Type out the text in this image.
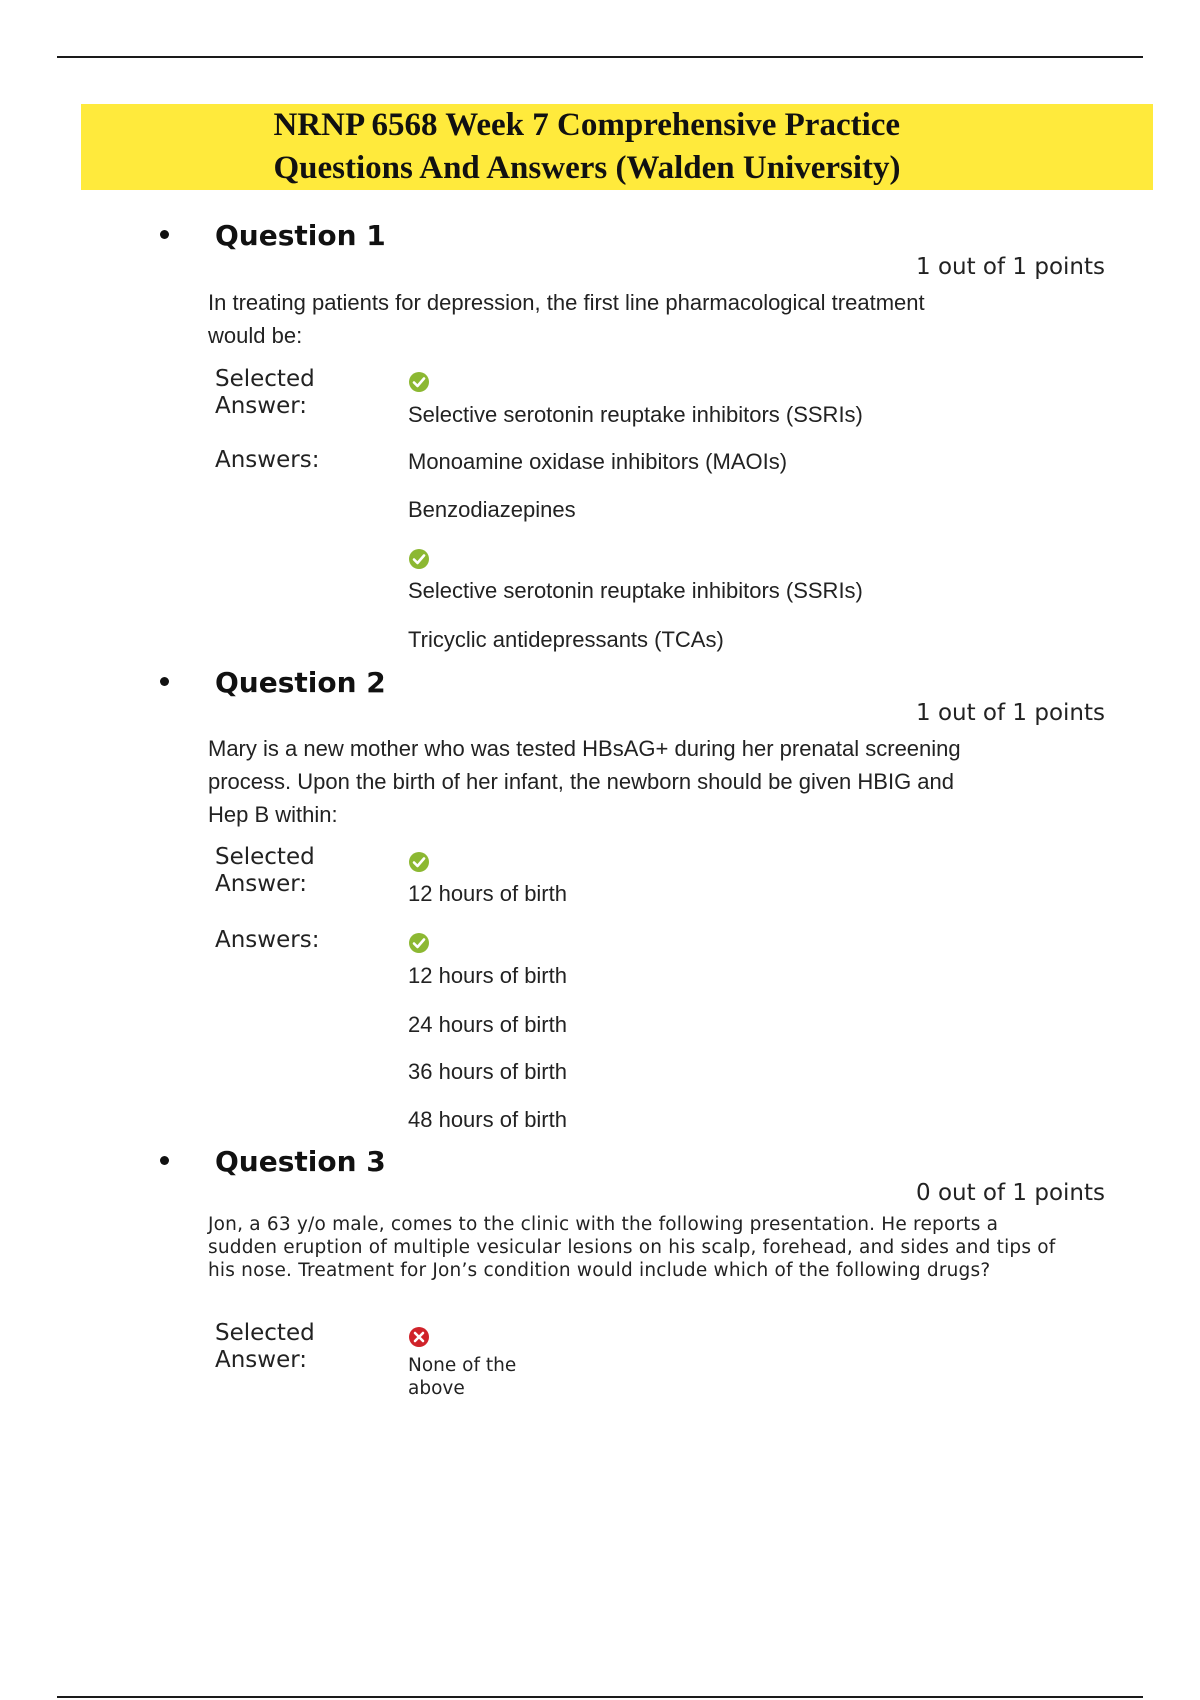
NRNP 6568 Week 7 Comprehensive Practice
Questions And Answers (Walden University)
Question 1
1 out of 1 points
In treating patients for depression, the first line pharmacological treatment
would be:
Selected
Answer:	Selective serotonin reuptake inhibitors (SSRIs)
Answers:	Monoamine oxidase inhibitors (MAOIs)
Benzodiazepines
Selective serotonin reuptake inhibitors (SSRIs)
Tricyclic antidepressants (TCAs)
Question 2
1 out of 1 points
Mary is a new mother who was tested HBsAG+ during her prenatal screening
process. Upon the birth of her infant, the newborn should be given HBIG and
Hep B within:
Selected
Answer:	12 hours of birth
Answers:
12 hours of birth
24 hours of birth
36 hours of birth
48 hours of birth
Question 3
0 out of 1 points
Jon, a 63 y/o male, comes to the clinic with the following presentation. He reports a
sudden eruption of multiple vesicular lesions on his scalp, forehead, and sides and tips of
his nose. Treatment for Jon’s condition would include which of the following drugs?
Selected
Answer:	None of the
above
